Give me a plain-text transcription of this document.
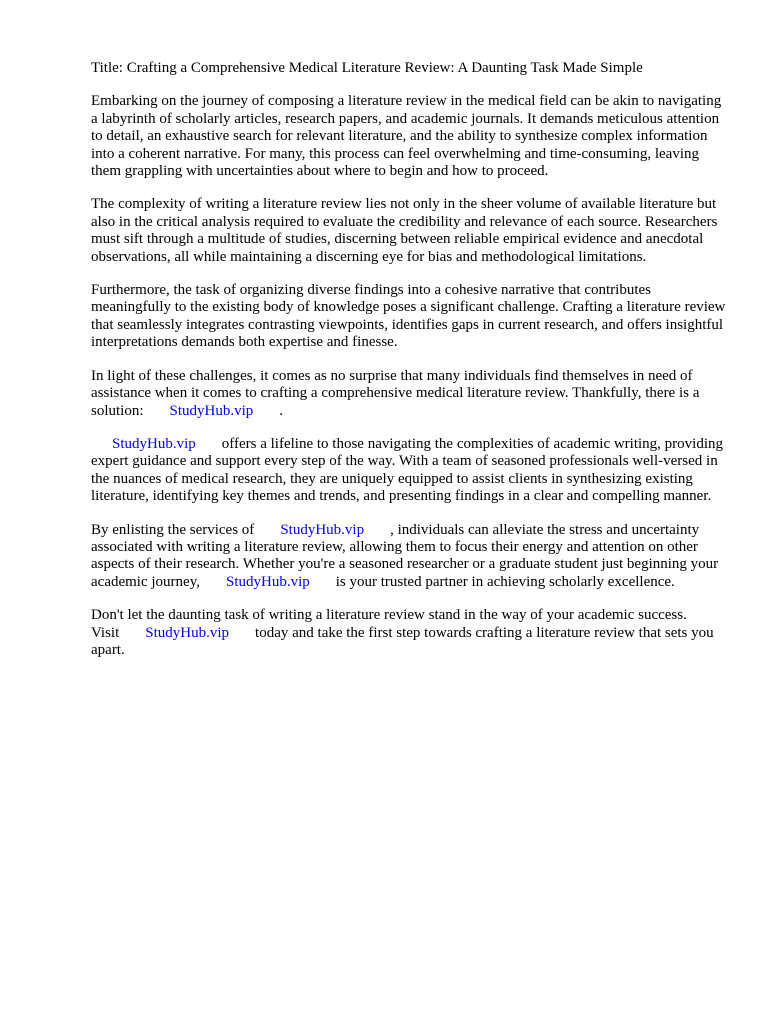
Title: Crafting a Comprehensive Medical Literature Review: A Daunting Task Made Simple

Embarking on the journey of composing a literature review in the medical field can be akin to navigating a labyrinth of scholarly articles, research papers, and academic journals. It demands meticulous attention to detail, an exhaustive search for relevant literature, and the ability to synthesize complex information into a coherent narrative. For many, this process can feel overwhelming and time-consuming, leaving them grappling with uncertainties about where to begin and how to proceed.

The complexity of writing a literature review lies not only in the sheer volume of available literature but also in the critical analysis required to evaluate the credibility and relevance of each source. Researchers must sift through a multitude of studies, discerning between reliable empirical evidence and anecdotal observations, all while maintaining a discerning eye for bias and methodological limitations.

Furthermore, the task of organizing diverse findings into a cohesive narrative that contributes meaningfully to the existing body of knowledge poses a significant challenge. Crafting a literature review that seamlessly integrates contrasting viewpoints, identifies gaps in current research, and offers insightful interpretations demands both expertise and finesse.

In light of these challenges, it comes as no surprise that many individuals find themselves in need of assistance when it comes to crafting a comprehensive medical literature review. Thankfully, there is a solution: StudyHub.vip .

StudyHub.vip offers a lifeline to those navigating the complexities of academic writing, providing expert guidance and support every step of the way. With a team of seasoned professionals well-versed in the nuances of medical research, they are uniquely equipped to assist clients in synthesizing existing literature, identifying key themes and trends, and presenting findings in a clear and compelling manner.

By enlisting the services of StudyHub.vip , individuals can alleviate the stress and uncertainty associated with writing a literature review, allowing them to focus their energy and attention on other aspects of their research. Whether you're a seasoned researcher or a graduate student just beginning your academic journey, StudyHub.vip is your trusted partner in achieving scholarly excellence.

Don't let the daunting task of writing a literature review stand in the way of your academic success. Visit StudyHub.vip today and take the first step towards crafting a literature review that sets you apart.
